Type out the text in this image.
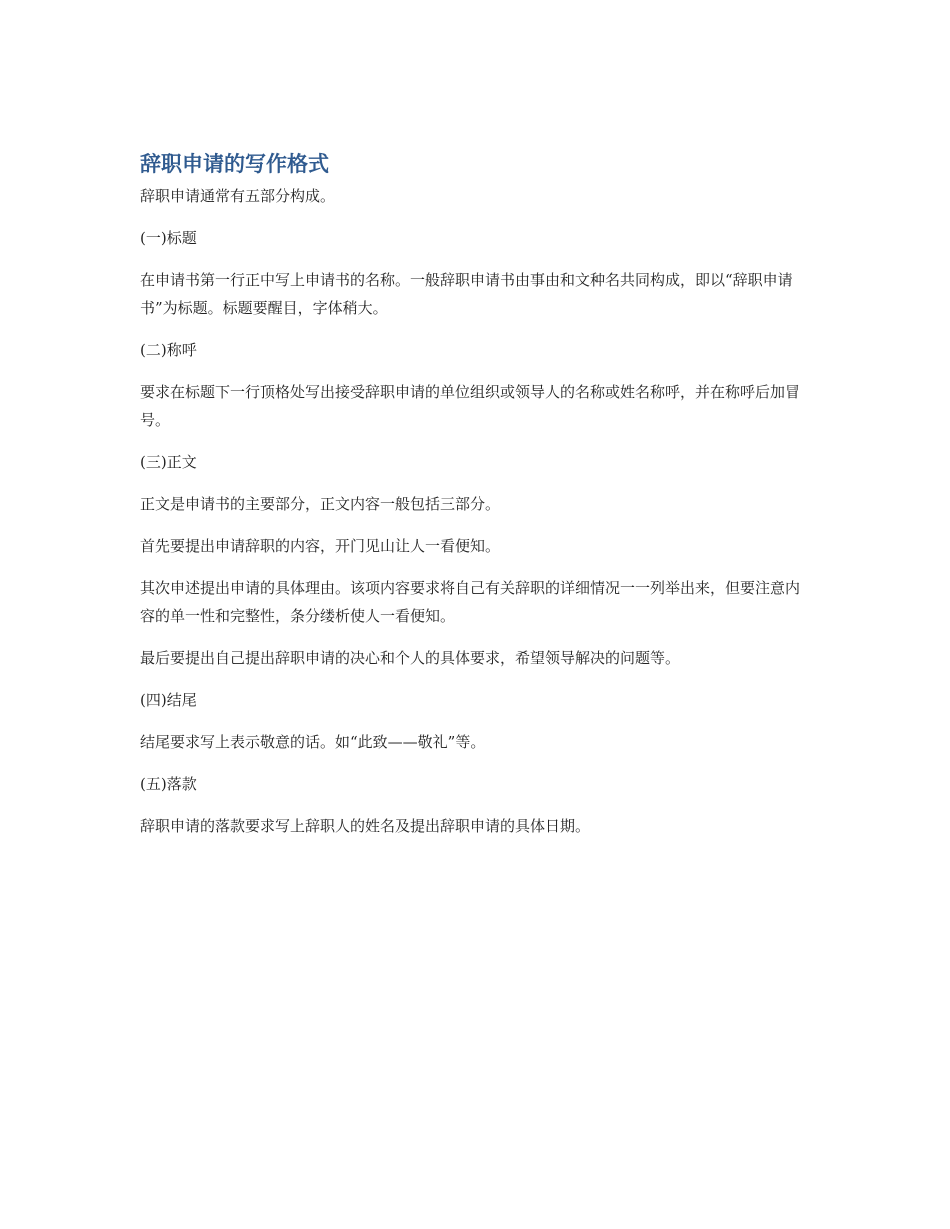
辞职申请的写作格式

辞职申请通常有五部分构成。

(一)标题

在申请书第一行正中写上申请书的名称。一般辞职申请书由事由和文种名共同构成，即以“辞职申请书”为标题。标题要醒目，字体稍大。

(二)称呼

要求在标题下一行顶格处写出接受辞职申请的单位组织或领导人的名称或姓名称呼，并在称呼后加冒号。

(三)正文

正文是申请书的主要部分，正文内容一般包括三部分。

首先要提出申请辞职的内容，开门见山让人一看便知。

其次申述提出申请的具体理由。该项内容要求将自己有关辞职的详细情况一一列举出来，但要注意内容的单一性和完整性，条分缕析使人一看便知。

最后要提出自己提出辞职申请的决心和个人的具体要求，希望领导解决的问题等。

(四)结尾

结尾要求写上表示敬意的话。如“此致——敬礼”等。

(五)落款

辞职申请的落款要求写上辞职人的姓名及提出辞职申请的具体日期。
